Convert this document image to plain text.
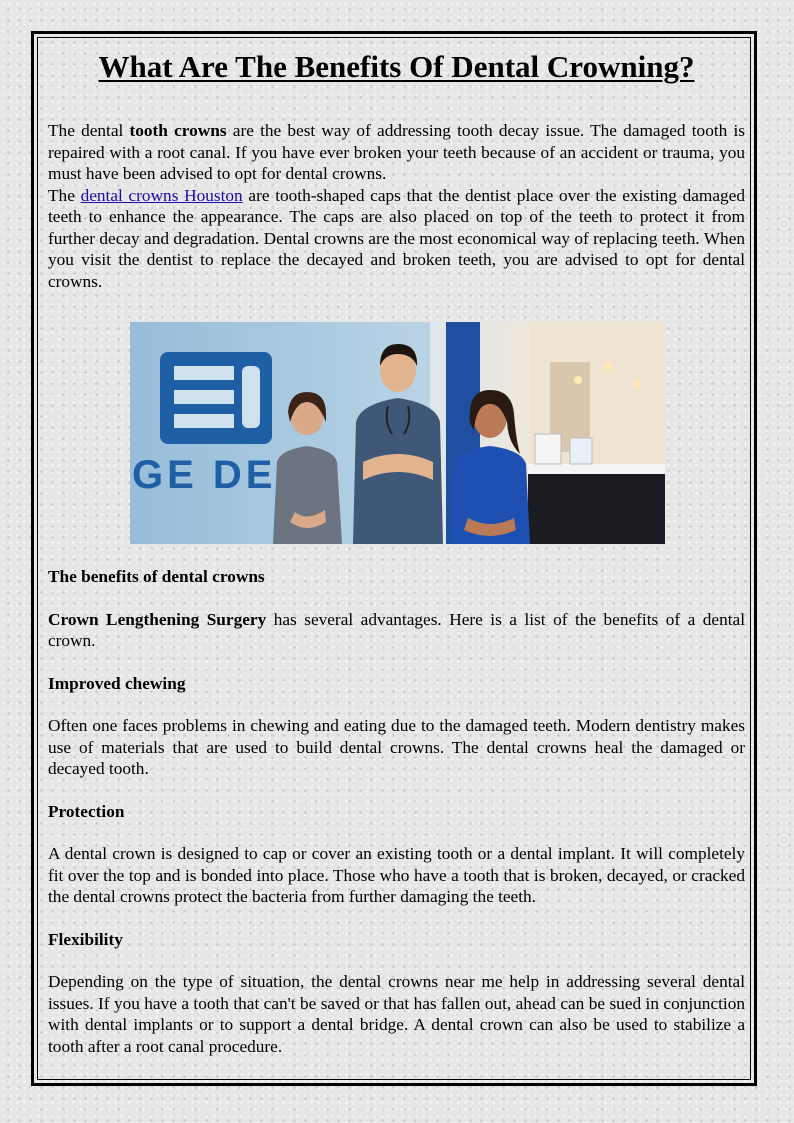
What Are The Benefits Of Dental Crowning?

The dental tooth crowns are the best way of addressing tooth decay issue. The damaged tooth is repaired with a root canal. If you have ever broken your teeth because of an accident or trauma, you must have been advised to opt for dental crowns.

The dental crowns Houston are tooth-shaped caps that the dentist place over the existing damaged teeth to enhance the appearance. The caps are also placed on top of the teeth to protect it from further decay and degradation. Dental crowns are the most economical way of replacing teeth. When you visit the dentist to replace the decayed and broken teeth, you are advised to opt for dental crowns.

GE DE

The benefits of dental crowns

Crown Lengthening Surgery has several advantages. Here is a list of the benefits of a dental crown.

Improved chewing

Often one faces problems in chewing and eating due to the damaged teeth. Modern dentistry makes use of materials that are used to build dental crowns. The dental crowns heal the damaged or decayed tooth.

Protection

A dental crown is designed to cap or cover an existing tooth or a dental implant. It will completely fit over the top and is bonded into place. Those who have a tooth that is broken, decayed, or cracked the dental crowns protect the bacteria from further damaging the teeth.

Flexibility

Depending on the type of situation, the dental crowns near me help in addressing several dental issues. If you have a tooth that can't be saved or that has fallen out, ahead can be sued in conjunction with dental implants or to support a dental bridge. A dental crown can also be used to stabilize a tooth after a root canal procedure.
